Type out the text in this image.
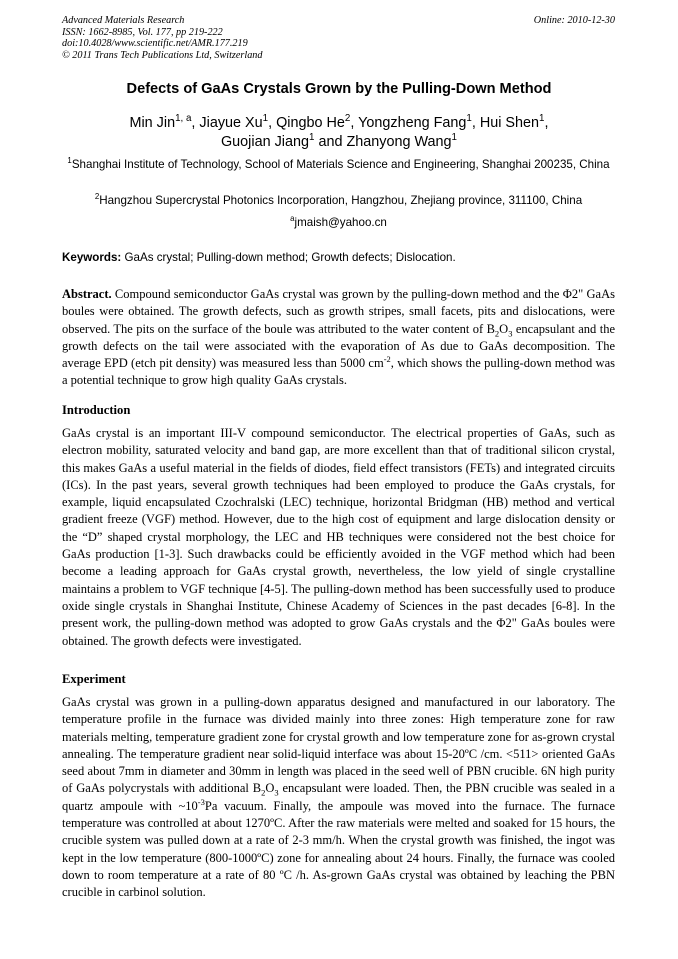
Advanced Materials Research
ISSN: 1662-8985, Vol. 177, pp 219-222
doi:10.4028/www.scientific.net/AMR.177.219
© 2011 Trans Tech Publications Ltd, Switzerland
Online: 2010-12-30
Defects of GaAs Crystals Grown by the Pulling-Down Method
Min Jin$^{1, a}$, Jiayue Xu$^1$, Qingbo He$^2$, Yongzheng Fang$^1$, Hui Shen$^1$,
Guojian Jiang$^1$ and Zhanyong Wang$^1$
$^1$Shanghai Institute of Technology, School of Materials Science and Engineering, Shanghai 200235, China
$^2$Hangzhou Supercrystal Photonics Incorporation, Hangzhou, Zhejiang province, 311100, China
$^a$jmaish@yahoo.cn
Keywords: GaAs crystal; Pulling-down method; Growth defects; Dislocation.
Abstract. Compound semiconductor GaAs crystal was grown by the pulling-down method and the Φ2" GaAs boules were obtained. The growth defects, such as growth stripes, small facets, pits and dislocations, were observed. The pits on the surface of the boule was attributed to the water content of $B_2O_3$ encapsulant and the growth defects on the tail were associated with the evaporation of As due to GaAs decomposition. The average EPD (etch pit density) was measured less than 5000 $cm^{-2}$, which shows the pulling-down method was a potential technique to grow high quality GaAs crystals.
Introduction
GaAs crystal is an important III-V compound semiconductor. The electrical properties of GaAs, such as electron mobility, saturated velocity and band gap, are more excellent than that of traditional silicon crystal, this makes GaAs a useful material in the fields of diodes, field effect transistors (FETs) and integrated circuits (ICs). In the past years, several growth techniques had been employed to produce the GaAs crystals, for example, liquid encapsulated Czochralski (LEC) technique, horizontal Bridgman (HB) method and vertical gradient freeze (VGF) method. However, due to the high cost of equipment and large dislocation density or the “D” shaped crystal morphology, the LEC and HB techniques were considered not the best choice for GaAs production [1-3]. Such drawbacks could be efficiently avoided in the VGF method which had been become a leading approach for GaAs crystal growth, nevertheless, the low yield of single crystalline maintains a problem to VGF technique [4-5]. The pulling-down method has been successfully used to produce oxide single crystals in Shanghai Institute, Chinese Academy of Sciences in the past decades [6-8]. In the present work, the pulling-down method was adopted to grow GaAs crystals and the Φ2" GaAs boules were obtained. The growth defects were investigated.
Experiment
GaAs crystal was grown in a pulling-down apparatus designed and manufactured in our laboratory. The temperature profile in the furnace was divided mainly into three zones: High temperature zone for raw materials melting, temperature gradient zone for crystal growth and low temperature zone for as-grown crystal annealing. The temperature gradient near solid-liquid interface was about 15-20ºC /cm. <511> oriented GaAs seed about 7mm in diameter and 30mm in length was placed in the seed well of PBN crucible. 6N high purity of GaAs polycrystals with additional $B_2O_3$ encapsulant were loaded. Then, the PBN crucible was sealed in a quartz ampoule with $\sim 10^{-3}Pa$ vacuum. Finally, the ampoule was moved into the furnace. The furnace temperature was controlled at about 1270ºC. After the raw materials were melted and soaked for 15 hours, the crucible system was pulled down at a rate of 2-3 mm/h. When the crystal growth was finished, the ingot was kept in the low temperature (800-1000ºC) zone for annealing about 24 hours. Finally, the furnace was cooled down to room temperature at a rate of 80 ºC /h. As-grown GaAs crystal was obtained by leaching the PBN crucible in carbinol solution.
